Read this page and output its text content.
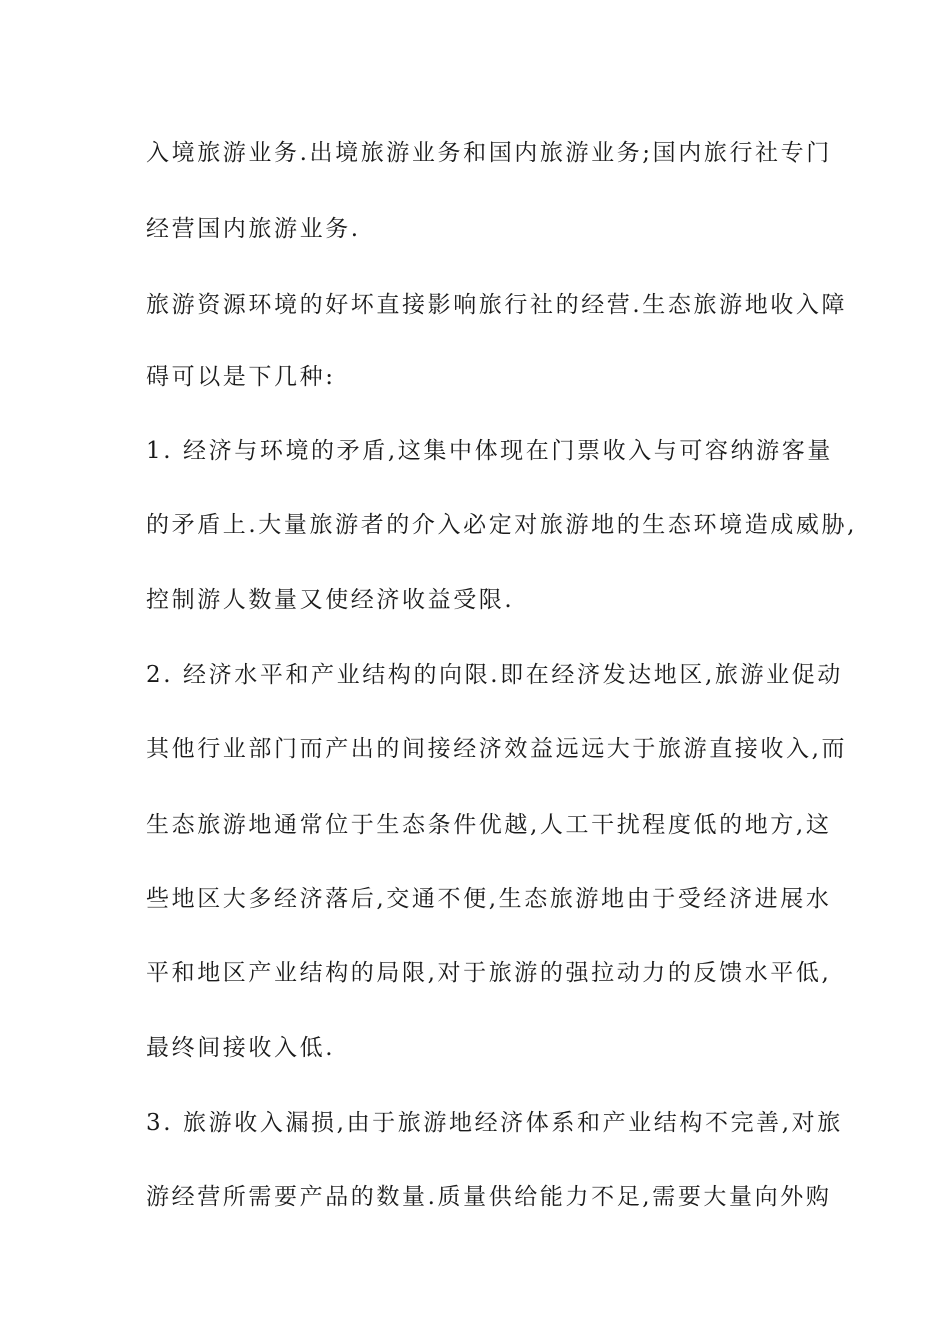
入境旅游业务.出境旅游业务和国内旅游业务;国内旅行社专门
经营国内旅游业务.
旅游资源环境的好坏直接影响旅行社的经营.生态旅游地收入障
碍可以是下几种:
1. 经济与环境的矛盾,这集中体现在门票收入与可容纳游客量
的矛盾上.大量旅游者的介入必定对旅游地的生态环境造成威胁,
控制游人数量又使经济收益受限.
2. 经济水平和产业结构的向限.即在经济发达地区,旅游业促动
其他行业部门而产出的间接经济效益远远大于旅游直接收入,而
生态旅游地通常位于生态条件优越,人工干扰程度低的地方,这
些地区大多经济落后,交通不便,生态旅游地由于受经济进展水
平和地区产业结构的局限,对于旅游的强拉动力的反馈水平低,
最终间接收入低.
3. 旅游收入漏损,由于旅游地经济体系和产业结构不完善,对旅
游经营所需要产品的数量.质量供给能力不足,需要大量向外购
